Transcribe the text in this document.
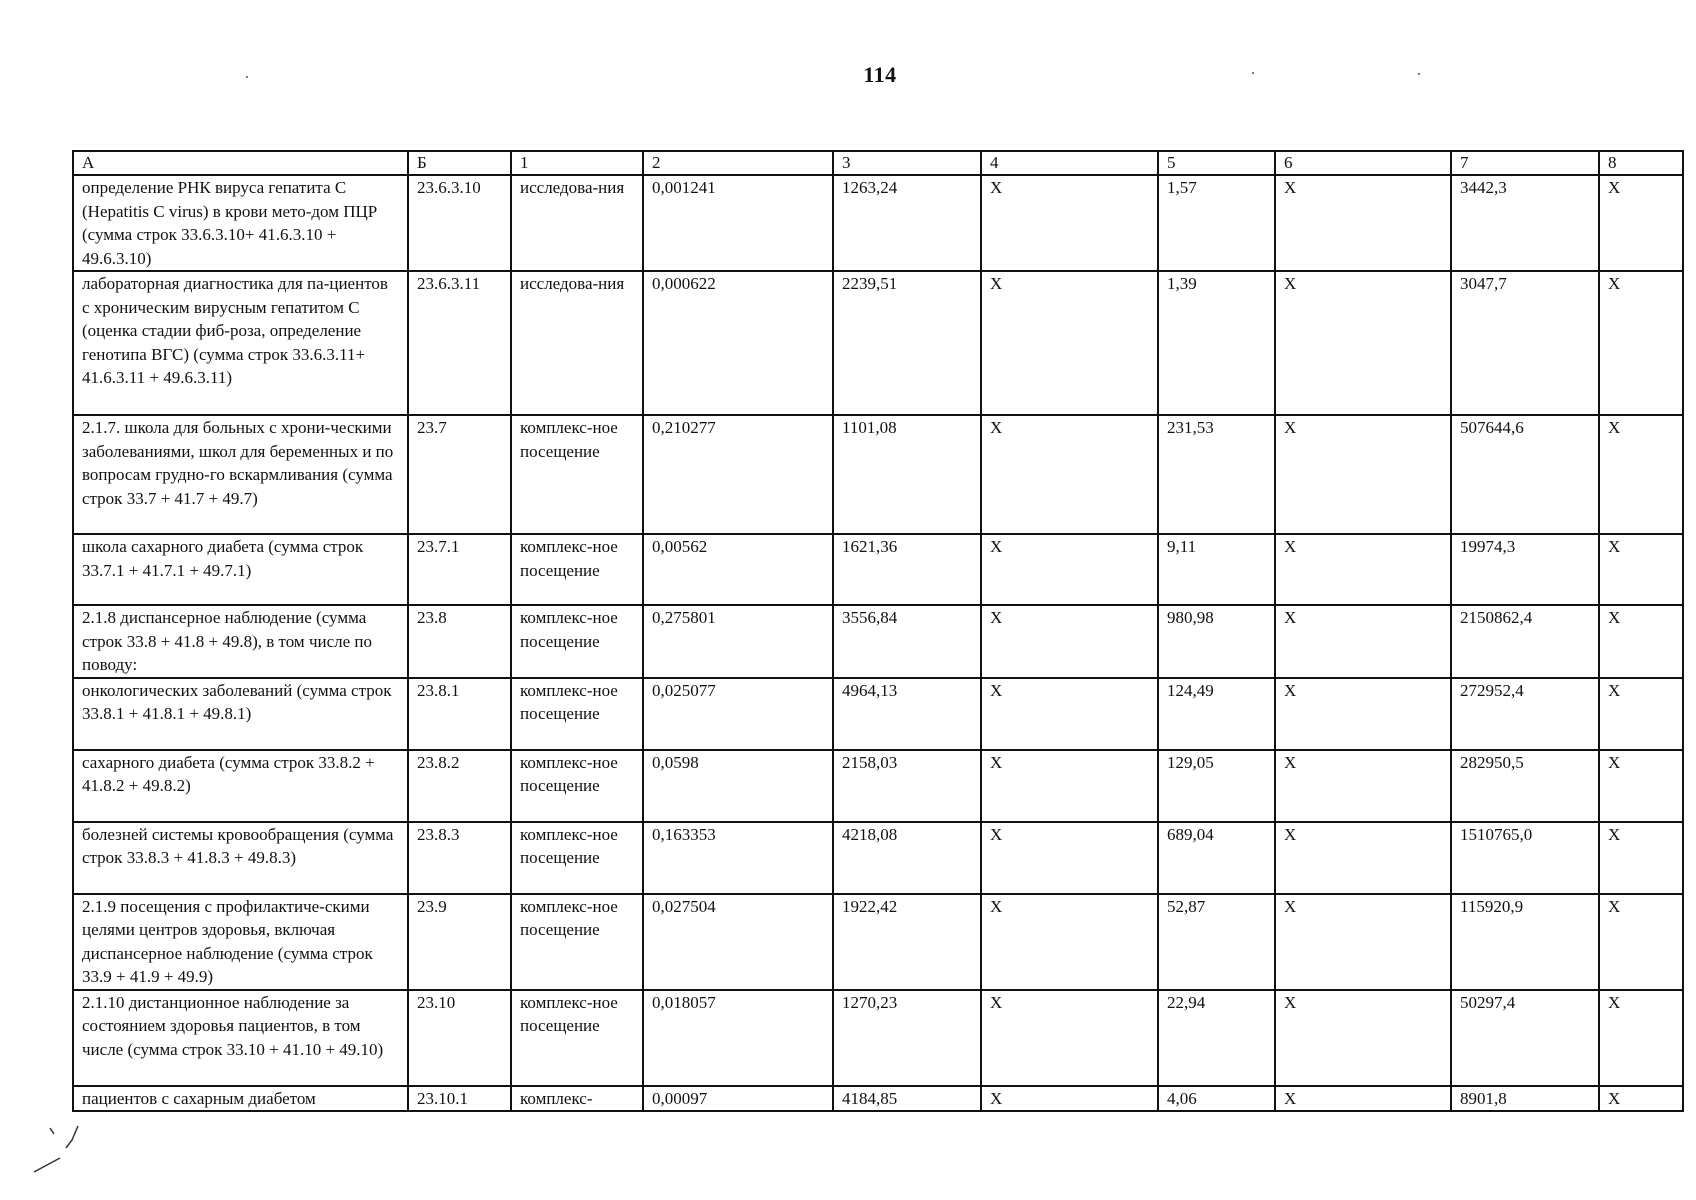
114
А	Б	1	2	3	4	5	6	7	8
определение РНК вируса гепатита С (Hepatitis C virus) в крови мето-дом ПЦР (сумма строк 33.6.3.10+ 41.6.3.10 + 49.6.3.10)	23.6.3.10	исследова-ния	0,001241	1263,24	X	1,57	X	3442,3	X
лабораторная диагностика для па-циентов с хроническим вирусным гепатитом С (оценка стадии фиб-роза, определение генотипа ВГС) (сумма строк 33.6.3.11+ 41.6.3.11 + 49.6.3.11)	23.6.3.11	исследова-ния	0,000622	2239,51	X	1,39	X	3047,7	X
2.1.7. школа для больных с хрони-ческими заболеваниями, школ для беременных и по вопросам грудно-го вскармливания (сумма строк 33.7 + 41.7 + 49.7)	23.7	комплекс-ное посещение	0,210277	1101,08	X	231,53	X	507644,6	X
школа сахарного диабета (сумма строк 33.7.1 + 41.7.1 + 49.7.1)	23.7.1	комплекс-ное посещение	0,00562	1621,36	X	9,11	X	19974,3	X
2.1.8 диспансерное наблюдение (сумма строк 33.8 + 41.8 + 49.8), в том числе по поводу:	23.8	комплекс-ное посещение	0,275801	3556,84	X	980,98	X	2150862,4	X
онкологических заболеваний (сумма строк 33.8.1 + 41.8.1 + 49.8.1)	23.8.1	комплекс-ное посещение	0,025077	4964,13	X	124,49	X	272952,4	X
сахарного диабета (сумма строк 33.8.2 + 41.8.2 + 49.8.2)	23.8.2	комплекс-ное посещение	0,0598	2158,03	X	129,05	X	282950,5	X
болезней системы кровообращения (сумма строк 33.8.3 + 41.8.3 + 49.8.3)	23.8.3	комплекс-ное посещение	0,163353	4218,08	X	689,04	X	1510765,0	X
2.1.9 посещения с профилактиче-скими целями центров здоровья, включая диспансерное наблюдение (сумма строк 33.9 + 41.9 + 49.9)	23.9	комплекс-ное посещение	0,027504	1922,42	X	52,87	X	115920,9	X
2.1.10 дистанционное наблюдение за состоянием здоровья пациентов, в том числе (сумма строк 33.10 + 41.10 + 49.10)	23.10	комплекс-ное посещение	0,018057	1270,23	X	22,94	X	50297,4	X
пациентов с сахарным диабетом	23.10.1	комплекс-	0,00097	4184,85	X	4,06	X	8901,8	X
